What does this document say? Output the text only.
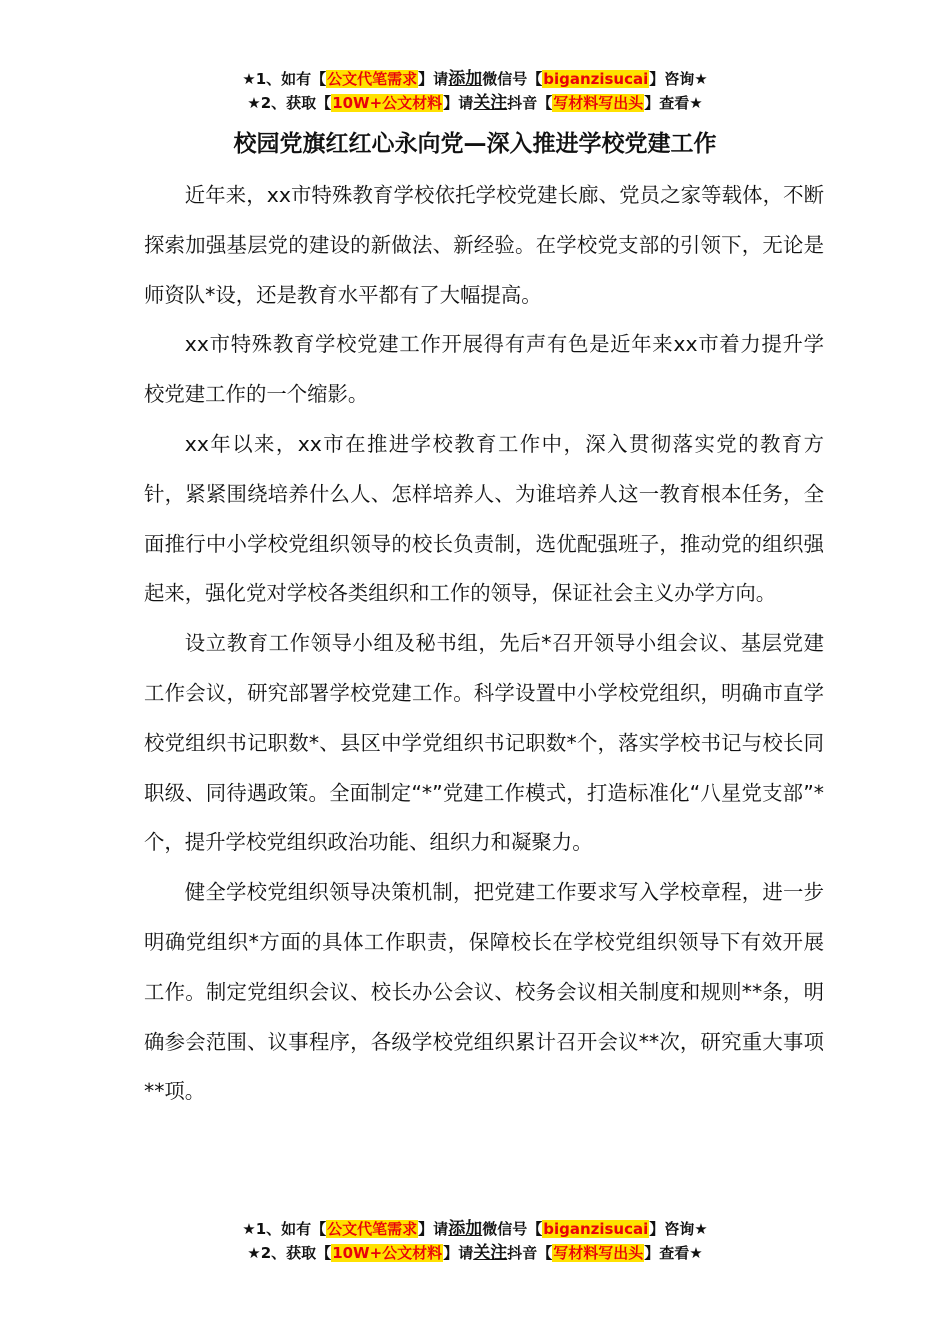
★1、如有【公文代笔需求】请添加微信号【biganzisucai】咨询★
★2、获取【10W+公文材料】请关注抖音【写材料写出头】查看★
校园党旗红红心永向党—深入推进学校党建工作

近年来，xx市特殊教育学校依托学校党建长廊、党员之家等载体，不断探索加强基层党的建设的新做法、新经验。在学校党支部的引领下，无论是师资队*设，还是教育水平都有了大幅提高。

xx市特殊教育学校党建工作开展得有声有色是近年来xx市着力提升学校党建工作的一个缩影。

xx年以来，xx市在推进学校教育工作中，深入贯彻落实党的教育方针，紧紧围绕培养什么人、怎样培养人、为谁培养人这一教育根本任务，全面推行中小学校党组织领导的校长负责制，选优配强班子，推动党的组织强起来，强化党对学校各类组织和工作的领导，保证社会主义办学方向。

设立教育工作领导小组及秘书组，先后*召开领导小组会议、基层党建工作会议，研究部署学校党建工作。科学设置中小学校党组织，明确市直学校党组织书记职数*、县区中学党组织书记职数*个，落实学校书记与校长同职级、同待遇政策。全面制定“*”党建工作模式，打造标准化“八星党支部”*个，提升学校党组织政治功能、组织力和凝聚力。

健全学校党组织领导决策机制，把党建工作要求写入学校章程，进一步明确党组织*方面的具体工作职责，保障校长在学校党组织领导下有效开展工作。制定党组织会议、校长办公会议、校务会议相关制度和规则**条，明确参会范围、议事程序，各级学校党组织累计召开会议**次，研究重大事项**项。

★1、如有【公文代笔需求】请添加微信号【biganzisucai】咨询★
★2、获取【10W+公文材料】请关注抖音【写材料写出头】查看★
